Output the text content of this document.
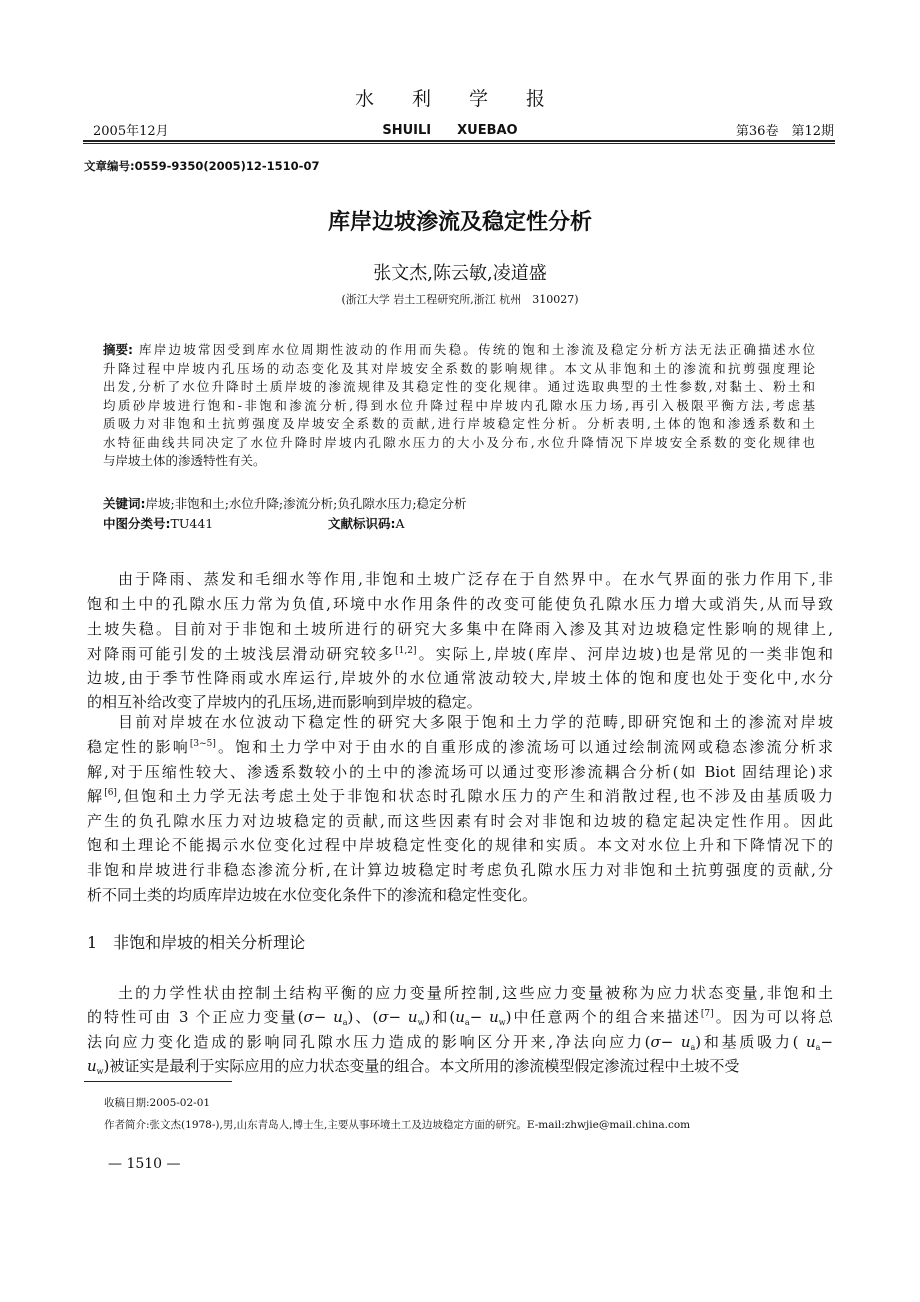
水　　利　　学　　报
2005年12月	SHUILI　　XUEBAO	第36卷　第12期
文章编号:0559-9350(2005)12-1510-07
库岸边坡渗流及稳定性分析
张文杰,陈云敏,凌道盛
(浙江大学 岩土工程研究所,浙江 杭州　310027)
摘要: 库岸边坡常因受到库水位周期性波动的作用而失稳。传统的饱和土渗流及稳定分析方法无法正确描述水位
升降过程中岸坡内孔压场的动态变化及其对岸坡安全系数的影响规律。本文从非饱和土的渗流和抗剪强度理论
出发,分析了水位升降时土质岸坡的渗流规律及其稳定性的变化规律。通过选取典型的土性参数,对黏土、粉土和
均质砂岸坡进行饱和-非饱和渗流分析,得到水位升降过程中岸坡内孔隙水压力场,再引入极限平衡方法,考虑基
质吸力对非饱和土抗剪强度及岸坡安全系数的贡献,进行岸坡稳定性分析。分析表明,土体的饱和渗透系数和土
水特征曲线共同决定了水位升降时岸坡内孔隙水压力的大小及分布,水位升降情况下岸坡安全系数的变化规律也
与岸坡土体的渗透特性有关。
关键词:岸坡;非饱和土;水位升降;渗流分析;负孔隙水压力;稳定分析
中图分类号:TU441	文献标识码:A
由于降雨、蒸发和毛细水等作用,非饱和土坡广泛存在于自然界中。在水气界面的张力作用下,非
饱和土中的孔隙水压力常为负值,环境中水作用条件的改变可能使负孔隙水压力增大或消失,从而导致
土坡失稳。目前对于非饱和土坡所进行的研究大多集中在降雨入渗及其对边坡稳定性影响的规律上,
对降雨可能引发的土坡浅层滑动研究较多[1,2]。实际上,岸坡(库岸、河岸边坡)也是常见的一类非饱和
边坡,由于季节性降雨或水库运行,岸坡外的水位通常波动较大,岸坡土体的饱和度也处于变化中,水分
的相互补给改变了岸坡内的孔压场,进而影响到岸坡的稳定。
目前对岸坡在水位波动下稳定性的研究大多限于饱和土力学的范畴,即研究饱和土的渗流对岸坡
稳定性的影响[3~5]。饱和土力学中对于由水的自重形成的渗流场可以通过绘制流网或稳态渗流分析求
解,对于压缩性较大、渗透系数较小的土中的渗流场可以通过变形渗流耦合分析(如 Biot 固结理论)求
解[6],但饱和土力学无法考虑土处于非饱和状态时孔隙水压力的产生和消散过程,也不涉及由基质吸力
产生的负孔隙水压力对边坡稳定的贡献,而这些因素有时会对非饱和边坡的稳定起决定性作用。因此
饱和土理论不能揭示水位变化过程中岸坡稳定性变化的规律和实质。本文对水位上升和下降情况下的
非饱和岸坡进行非稳态渗流分析,在计算边坡稳定时考虑负孔隙水压力对非饱和土抗剪强度的贡献,分
析不同土类的均质库岸边坡在水位变化条件下的渗流和稳定性变化。
土的力学性状由控制土结构平衡的应力变量所控制,这些应力变量被称为应力状态变量,非饱和土
的特性可由 3 个正应力变量$(\sigma- u_a)$、$(\sigma- u_w)$和$(u_a- u_w)$中任意两个的组合来描述[7]。因为可以将总
法向应力变化造成的影响同孔隙水压力造成的影响区分开来,净法向应力$(\sigma- u_a)$和基质吸力( $u_a-$
$u_w$)被证实是最利于实际应用的应力状态变量的组合。本文所用的渗流模型假定渗流过程中土坡不受
1　非饱和岸坡的相关分析理论
收稿日期:2005-02-01
作者简介:张文杰(1978-),男,山东青岛人,博士生,主要从事环境土工及边坡稳定方面的研究。E-mail:zhwjie@mail.china.com
— 1510 —
